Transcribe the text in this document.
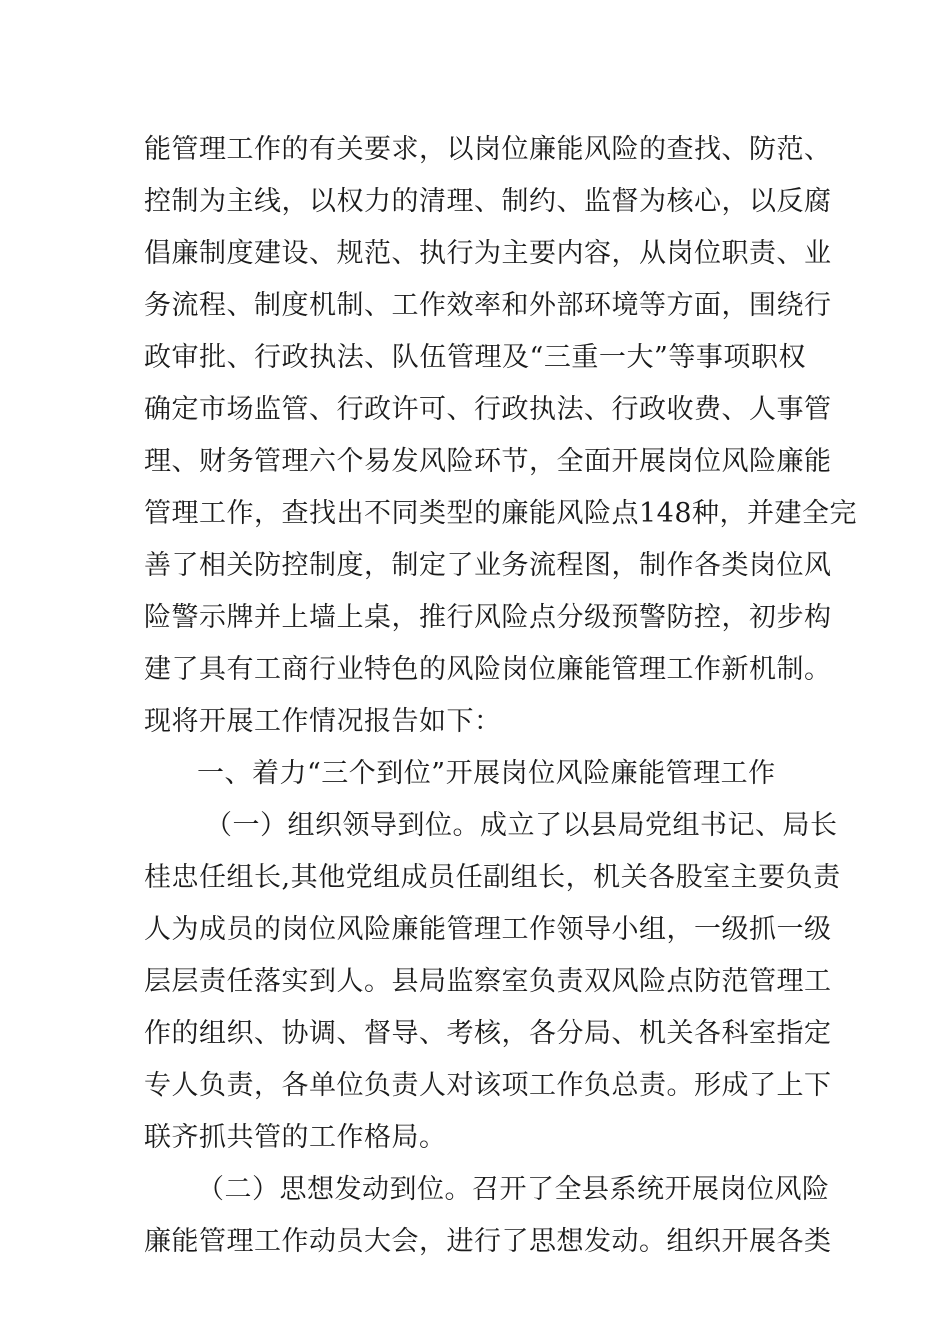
能管理工作的有关要求，以岗位廉能风险的查找、防范、
控制为主线，以权力的清理、制约、监督为核心，以反腐
倡廉制度建设、规范、执行为主要内容，从岗位职责、业
务流程、制度机制、工作效率和外部环境等方面，围绕行
政审批、行政执法、队伍管理及“三重一大”等事项职权
确定市场监管、行政许可、行政执法、行政收费、人事管
理、财务管理六个易发风险环节，全面开展岗位风险廉能
管理工作，查找出不同类型的廉能风险点148种，并建全完
善了相关防控制度，制定了业务流程图，制作各类岗位风
险警示牌并上墙上桌，推行风险点分级预警防控，初步构
建了具有工商行业特色的风险岗位廉能管理工作新机制。
现将开展工作情况报告如下：
一、着力“三个到位”开展岗位风险廉能管理工作
（一）组织领导到位。成立了以县局党组书记、局长
桂忠任组长,其他党组成员任副组长，机关各股室主要负责
人为成员的岗位风险廉能管理工作领导小组，一级抓一级
层层责任落实到人。县局监察室负责双风险点防范管理工
作的组织、协调、督导、考核，各分局、机关各科室指定
专人负责，各单位负责人对该项工作负总责。形成了上下
联齐抓共管的工作格局。
（二）思想发动到位。召开了全县系统开展岗位风险
廉能管理工作动员大会，进行了思想发动。组织开展各类
